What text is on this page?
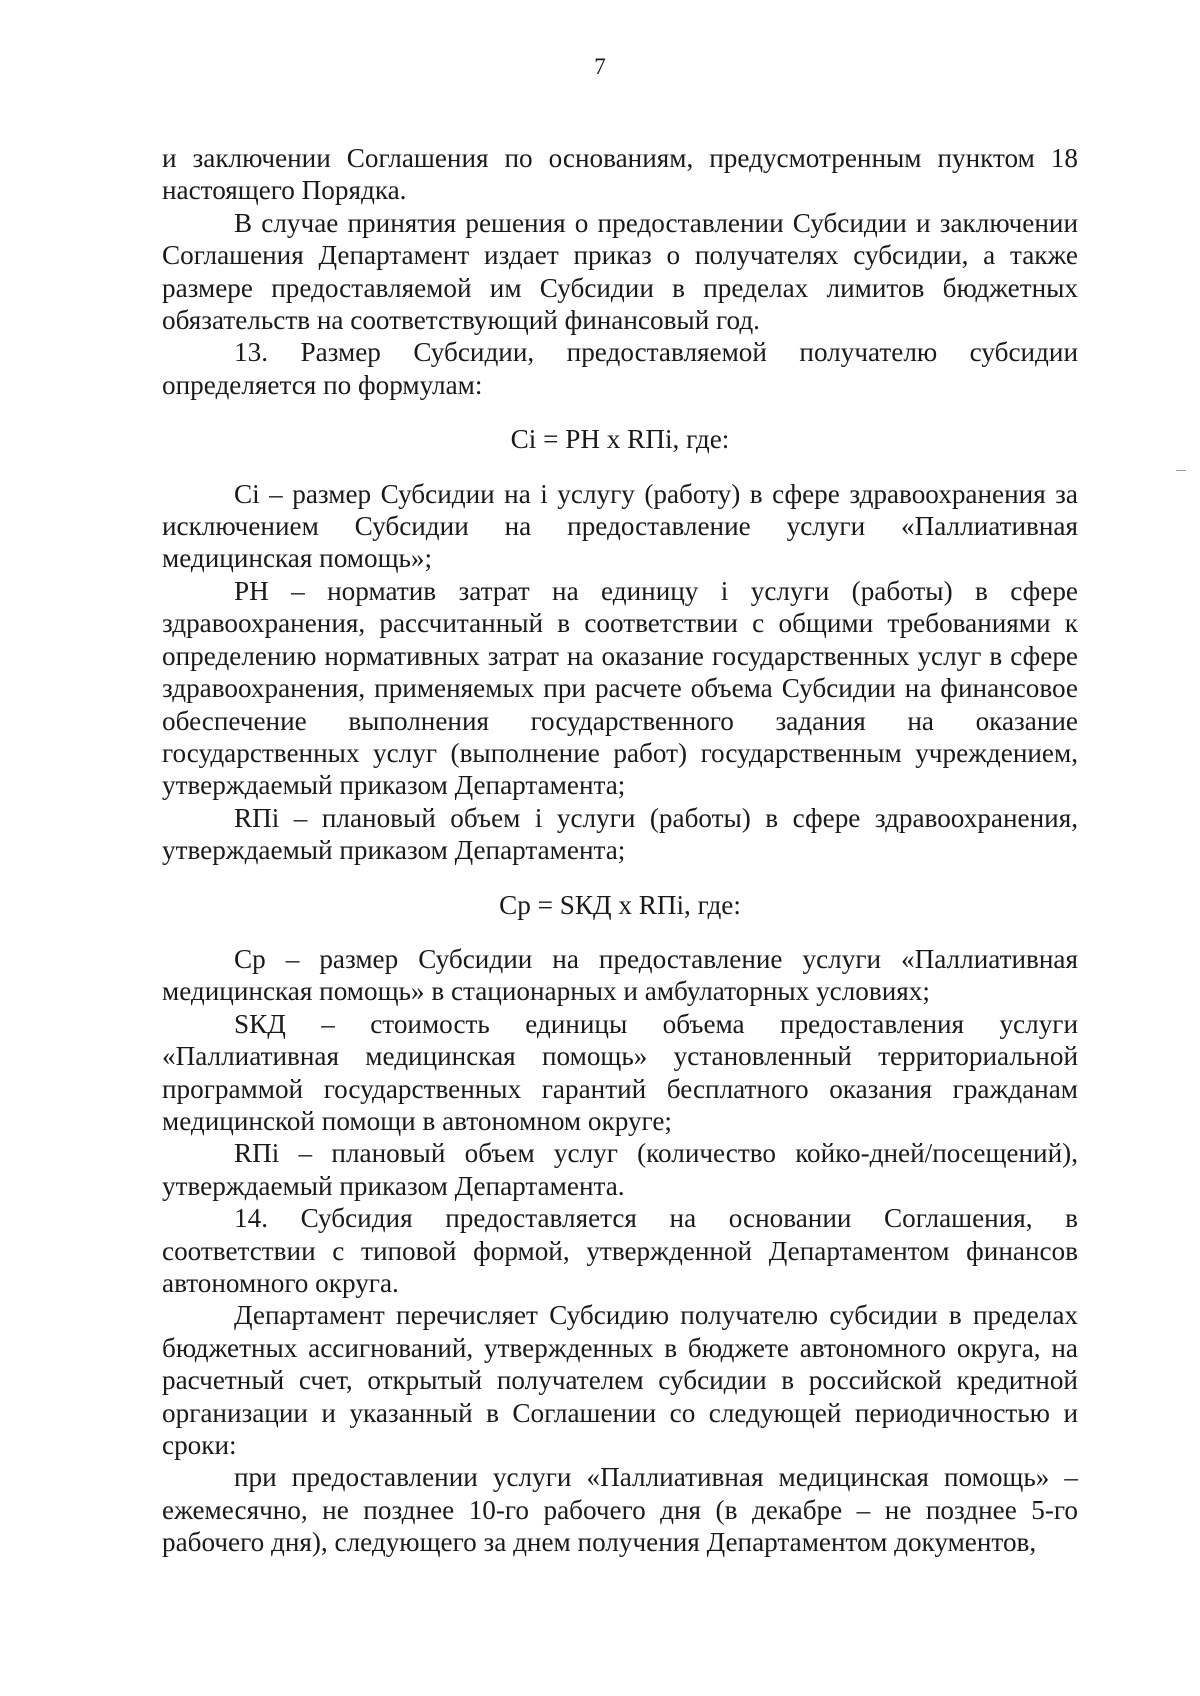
7

и заключении Соглашения по основаниям, предусмотренным пунктом 18 настоящего Порядка.

В случае принятия решения о предоставлении Субсидии и заключении Соглашения Департамент издает приказ о получателях субсидии, а также размере предоставляемой им Субсидии в пределах лимитов бюджетных обязательств на соответствующий финансовый год.

13. Размер Субсидии, предоставляемой получателю субсидии определяется по формулам:

Ci = PH x RПi, где:

Ci – размер Субсидии на i услугу (работу) в сфере здравоохранения за исключением Субсидии на предоставление услуги «Паллиативная медицинская помощь»;

PH – норматив затрат на единицу i услуги (работы) в сфере здравоохранения, рассчитанный в соответствии с общими требованиями к определению нормативных затрат на оказание государственных услуг в сфере здравоохранения, применяемых при расчете объема Субсидии на финансовое обеспечение выполнения государственного задания на оказание государственных услуг (выполнение работ) государственным учреждением, утверждаемый приказом Департамента;

RПi – плановый объем i услуги (работы) в сфере здравоохранения, утверждаемый приказом Департамента;

Cp = SКД x RПi, где:

Cp – размер Субсидии на предоставление услуги «Паллиативная медицинская помощь» в стационарных и амбулаторных условиях;

SКД – стоимость единицы объема предоставления услуги «Паллиативная медицинская помощь» установленный территориальной программой государственных гарантий бесплатного оказания гражданам медицинской помощи в автономном округе;

RПi – плановый объем услуг (количество койко-дней/посещений), утверждаемый приказом Департамента.

14. Субсидия предоставляется на основании Соглашения, в соответствии с типовой формой, утвержденной Департаментом финансов автономного округа.

Департамент перечисляет Субсидию получателю субсидии в пределах бюджетных ассигнований, утвержденных в бюджете автономного округа, на расчетный счет, открытый получателем субсидии в российской кредитной организации и указанный в Соглашении со следующей периодичностью и сроки:

при предоставлении услуги «Паллиативная медицинская помощь» – ежемесячно, не позднее 10-го рабочего дня (в декабре – не позднее 5-го рабочего дня), следующего за днем получения Департаментом документов,
